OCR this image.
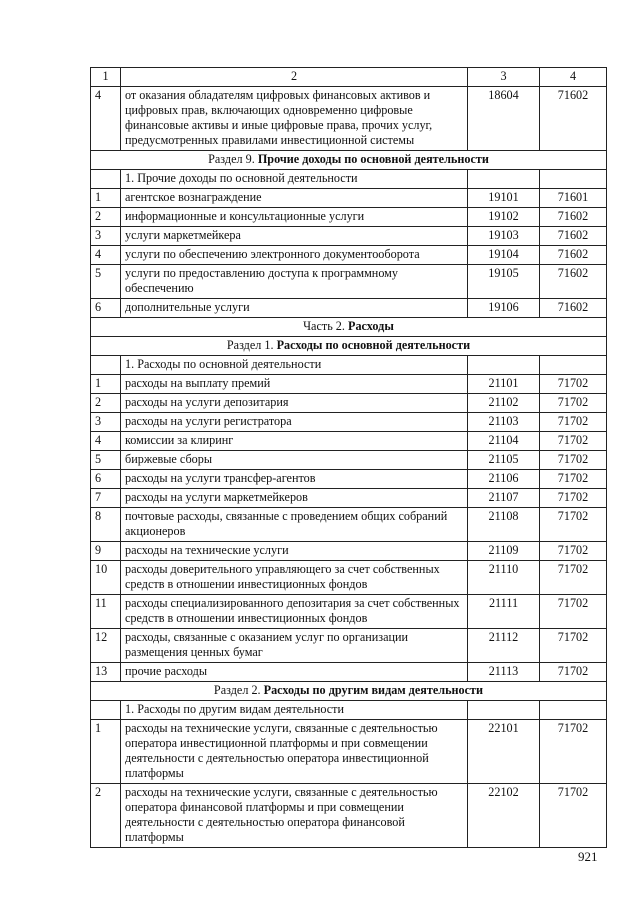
1	2	3	4
4	от оказания обладателям цифровых финансовых активов и цифровых прав, включающих одновременно цифровые финансовые активы и иные цифровые права, прочих услуг, предусмотренных правилами инвестиционной системы	18604	71602
Раздел 9. Прочие доходы по основной деятельности			
	1. Прочие доходы по основной деятельности		
1	агентское вознаграждение	19101	71601
2	информационные и консультационные услуги	19102	71602
3	услуги маркетмейкера	19103	71602
4	услуги по обеспечению электронного документооборота	19104	71602
5	услуги по предоставлению доступа к программному обеспечению	19105	71602
6	дополнительные услуги	19106	71602
Часть 2. Расходы			
Раздел 1. Расходы по основной деятельности			
	1. Расходы по основной деятельности		
1	расходы на выплату премий	21101	71702
2	расходы на услуги депозитария	21102	71702
3	расходы на услуги регистратора	21103	71702
4	комиссии за клиринг	21104	71702
5	биржевые сборы	21105	71702
6	расходы на услуги трансфер-агентов	21106	71702
7	расходы на услуги маркетмейкеров	21107	71702
8	почтовые расходы, связанные с проведением общих собраний акционеров	21108	71702
9	расходы на технические услуги	21109	71702
10	расходы доверительного управляющего за счет собственных средств в отношении инвестиционных фондов	21110	71702
11	расходы специализированного депозитария за счет собственных средств в отношении инвестиционных фондов	21111	71702
12	расходы, связанные с оказанием услуг по организации размещения ценных бумаг	21112	71702
13	прочие расходы	21113	71702
Раздел 2. Расходы по другим видам деятельности			
	1. Расходы по другим видам деятельности		
1	расходы на технические услуги, связанные с деятельностью оператора инвестиционной платформы и при совмещении деятельности с деятельностью оператора инвестиционной платформы	22101	71702
2	расходы на технические услуги, связанные с деятельностью оператора финансовой платформы и при совмещении деятельности с деятельностью оператора финансовой платформы	22102	71702
921
